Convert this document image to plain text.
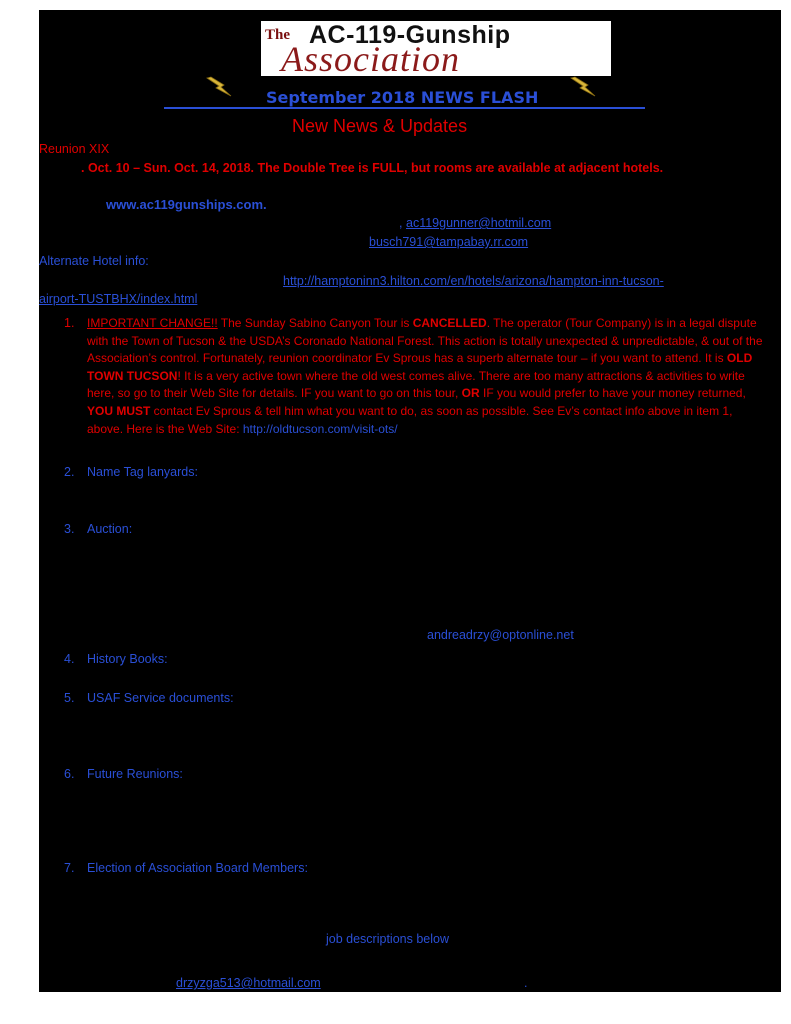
The AC-119-Gunship
Association
September 2018 NEWS FLASH
New News & Updates
Reunion XIX
. Oct. 10 – Sun. Oct. 14, 2018. The Double Tree is FULL, but rooms are available at adjacent hotels.
www.ac119gunships.com.
, ac119gunner@hotmil.com
busch791@tampabay.rr.com
Alternate Hotel info:
http://hamptoninn3.hilton.com/en/hotels/arizona/hampton-inn-tucson-
airport-TUSTBHX/index.html
1. IMPORTANT CHANGE!! The Sunday Sabino Canyon Tour is CANCELLED. The operator (Tour Company) is in a legal dispute with the Town of Tucson & the USDA’s Coronado National Forest. This action is totally unexpected & unpredictable, & out of the Association’s control. Fortunately, reunion coordinator Ev Sprous has a superb alternate tour – if you want to attend. It is OLD TOWN TUCSON! It is a very active town where the old west comes alive. There are too many attractions & activities to write here, so go to their Web Site for details. IF you want to go on this tour, OR IF you would prefer to have your money returned, YOU MUST contact Ev Sprous & tell him what you want to do, as soon as possible. See Ev’s contact info above in item 1, above. Here is the Web Site: http://oldtucson.com/visit-ots/
2. Name Tag lanyards:
3. Auction:
andreadrzy@optonline.net
4. History Books:
5. USAF Service documents:
6. Future Reunions:
7. Election of Association Board Members:
job descriptions below
drzyzga513@hotmail.com	.
